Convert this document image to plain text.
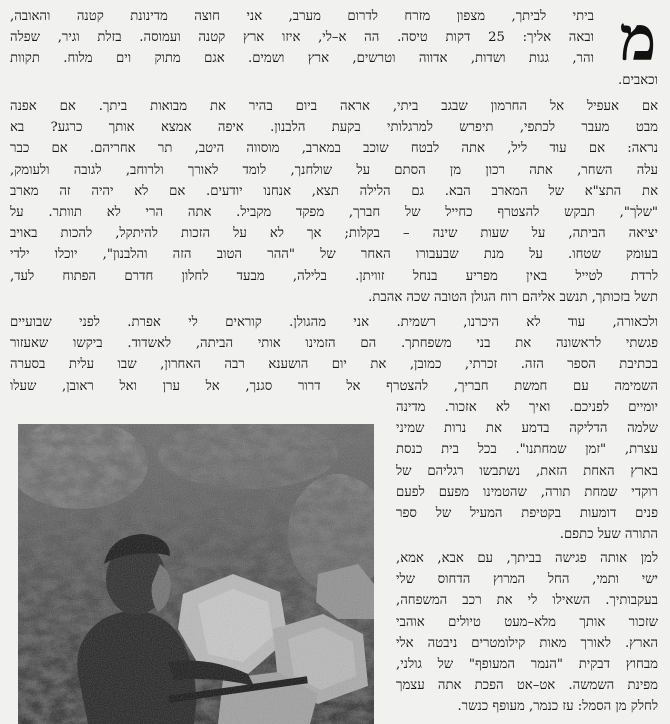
מ
ביתי לביתך, מצפון מזרח לדרום מערב, אני חוצה מדינונת קטנה והאובה,
ובאה אליך: 25 דקות טיסה. הה א–לי, איזו ארץ קטנה ועמוסה. בזלת וגיר, שפלה
והר, גגות ושדות, אדווה וטרשים, ארץ ושמים. אגם מתוק וים מלוח. תקוות
וכאבים.
אם אעפיל אל החרמון שבגב ביתי, אראה ביום בהיר את מבואות ביתך. אם אפנה
מבט מעבר לכתפי, תיפרש למרגלותי בקעת הלבנון. איפה אמצא אותך כרגע? בא
נראה: אם עוד ליל, אתה לבטח שוכב במארב, מוסווה היטב, תר אחריהם. אם כבר
עלה השחר, אתה רכון מן הסתם על שולחנך, לומד לאורך ולרוחב, לגובה ולעומק,
את התצ"א של המארב הבא. גם הלילה תצא, אנחנו יודעים. אם לא יהיה זה מארב
"שלך", תבקש להצטרף כחייל של חברך, מפקד מקביל. אתה הרי לא תוותר. על
יציאה הביתה, על שעות שינה – בקלות; אך לא על הזכות להיתקל, להכות באויב
בעומק שטחו. על מנת שבעבורו האחר של "ההר הטוב הזה והלבנון", יוכלו ילדי
לרדת לטייל באין מפריע בנחל זוויתן. בלילה, מבעד לחלון חדרם הפתוח לעד,
תשל בזכותך, תנשב אליהם רוח הגולן הטובה שכה אהבת.
ולכאורה, עוד לא היכרנו, רשמית. אני מהגולן. קוראים לי אפרת. לפני שבועיים
פגשתי לראשונה את בני משפחתך. הם הזמינו אותי הביתה, לאשדוד. ביקשו שאעזור
בכתיבת הספר הזה. זכרתי, כמובן, את יום הושענא רבה האחרון, שבו עלית בסערה
השמימה עם חמשת חבריך, להצטרף אל דרור סגנך, אל ערן ואל ראובן, שעלו
יומיים לפניכם. ואיך לא אזכור. מדינה
שלמה הדליקה בדמע את נרות שמיני
עצרת, "זמן שמחתנו". בכל בית כנסת
בארץ האחת הזאת, נשתבשו רגליהם של
רוקדי שמחת תורה, שהטמינו מפעם לפעם
פנים דומעות בקטיפת המעיל של ספר
התורה שעל כתפם.
למן אותה פגישה בביתך, עם אבא, אמא,
ישי ותמי, החל המרוץ הדחוס שלי
בעקבותיך. השאילו לי את רכב המשפחה,
שזכור אותך מלא–מעט טיולים אוהבי
הארץ. לאורך מאות קילומטרים ניבטה אלי
מבחוץ דבקית "הנמר המעופף" של גולני,
מפינת השמשה. אט–אט הפכת אתה עצמך
לחלק מן הסמל: עז כנמר, מעופף כנשר.
